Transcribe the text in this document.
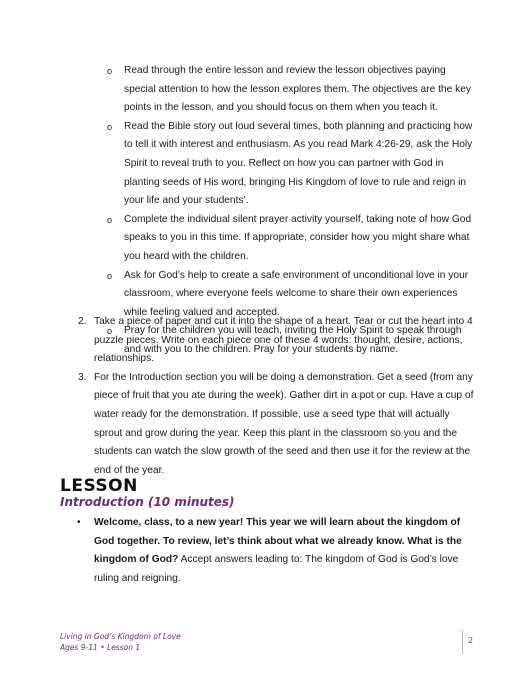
o Read through the entire lesson and review the lesson objectives paying special attention to how the lesson explores them. The objectives are the key points in the lesson, and you should focus on them when you teach it.
o Read the Bible story out loud several times, both planning and practicing how to tell it with interest and enthusiasm. As you read Mark 4:26-29, ask the Holy Spirit to reveal truth to you. Reflect on how you can partner with God in planting seeds of His word, bringing His Kingdom of love to rule and reign in your life and your students’.
o Complete the individual silent prayer activity yourself, taking note of how God speaks to you in this time. If appropriate, consider how you might share what you heard with the children.
o Ask for God’s help to create a safe environment of unconditional love in your classroom, where everyone feels welcome to share their own experiences while feeling valued and accepted.
o Pray for the children you will teach, inviting the Holy Spirit to speak through and with you to the children. Pray for your students by name.
2. Take a piece of paper and cut it into the shape of a heart. Tear or cut the heart into 4 puzzle pieces. Write on each piece one of these 4 words: thought, desire, actions, relationships.
3. For the Introduction section you will be doing a demonstration. Get a seed (from any piece of fruit that you ate during the week). Gather dirt in a pot or cup. Have a cup of water ready for the demonstration. If possible, use a seed type that will actually sprout and grow during the year. Keep this plant in the classroom so you and the students can watch the slow growth of the seed and then use it for the review at the end of the year.
LESSON
Introduction (10 minutes)
• Welcome, class, to a new year! This year we will learn about the kingdom of God together. To review, let’s think about what we already know. What is the kingdom of God? Accept answers leading to: The kingdom of God is God’s love ruling and reigning.

Living in God’s Kingdom of Love

Ages 9-11 • Lesson 1

2
